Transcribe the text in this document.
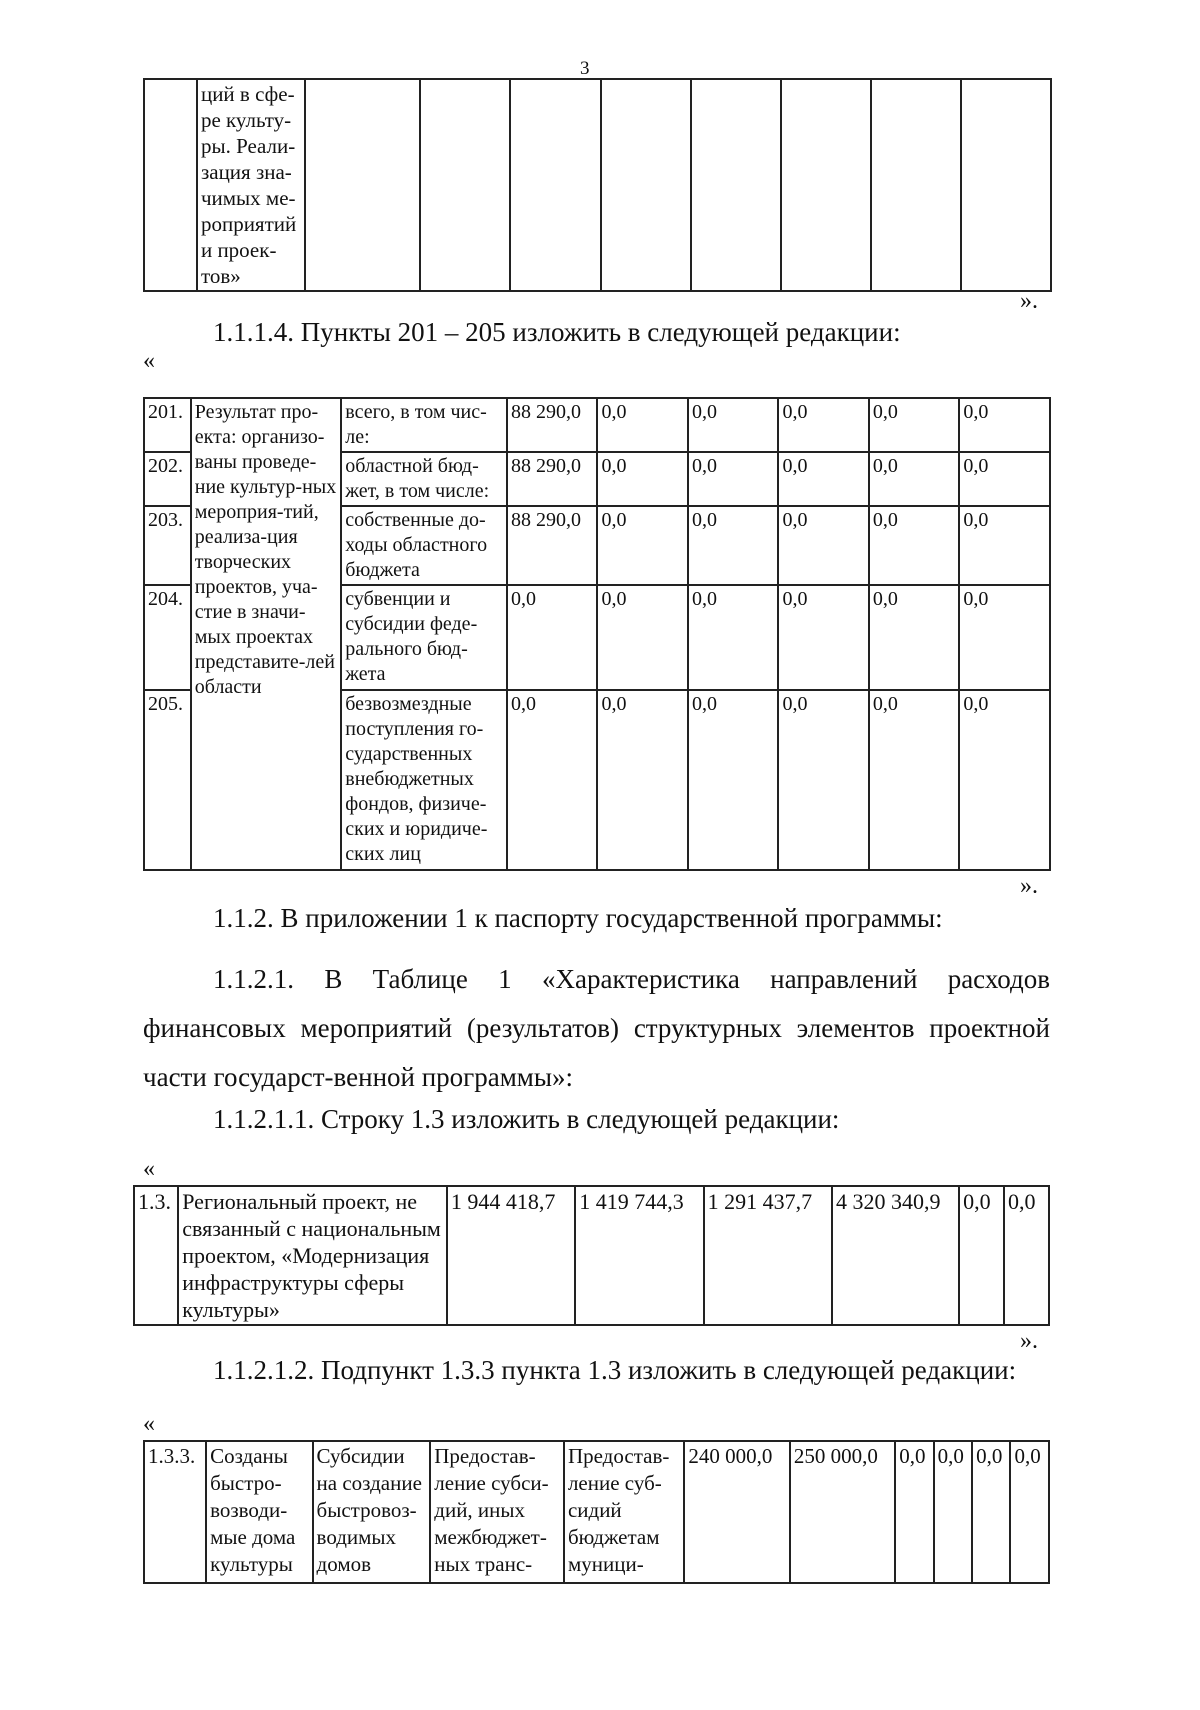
3

ций в сфе-
ре культу-
ры. Реали-
зация зна-
чимых ме-
роприятий
и проек-
тов»

».
1.1.1.4. Пункты 201 – 205 изложить в следующей редакции:
«
201.	Результат про-екта: организо-ваны проведе-ние культур-ных мероприя-тий, реализа-ция творческих проектов, уча-стие в значи-мых проектах представите-лей области	всего, в том чис-ле:	88 290,0	0,0	0,0	0,0	0,0	0,0
202.		областной бюд-жет, в том числе:	88 290,0	0,0	0,0	0,0	0,0	0,0
203.		собственные до-ходы областного бюджета	88 290,0	0,0	0,0	0,0	0,0	0,0
204.		субвенции и субсидии феде-рального бюд-жета	0,0	0,0	0,0	0,0	0,0	0,0
205.		безвозмездные поступления го-сударственных внебюджетных фондов, физиче-ских и юридиче-ских лиц	0,0	0,0	0,0	0,0	0,0	0,0
».
1.1.2. В приложении 1 к паспорту государственной программы:
1.1.2.1. В Таблице 1 «Характеристика направлений расходов финансовых мероприятий (результатов) структурных элементов проектной части государст-венной программы»:
1.1.2.1.1. Строку 1.3 изложить в следующей редакции:
«
1.3.	Региональный проект, не связанный с национальным проектом, «Модернизация инфраструктуры сферы культуры»	1 944 418,7	1 419 744,3	1 291 437,7	4 320 340,9	0,0	0,0
».
1.1.2.1.2. Подпункт 1.3.3 пункта 1.3 изложить в следующей редакции:
«
1.3.3.	Созданы быстро-возводи-мые дома культуры	Субсидии на создание быстровоз-водимых домов	Предостав-ление субси-дий, иных межбюджет-ных транс-	Предостав-ление суб-сидий бюджетам муници-	240 000,0	250 000,0	0,0	0,0	0,0	0,0
